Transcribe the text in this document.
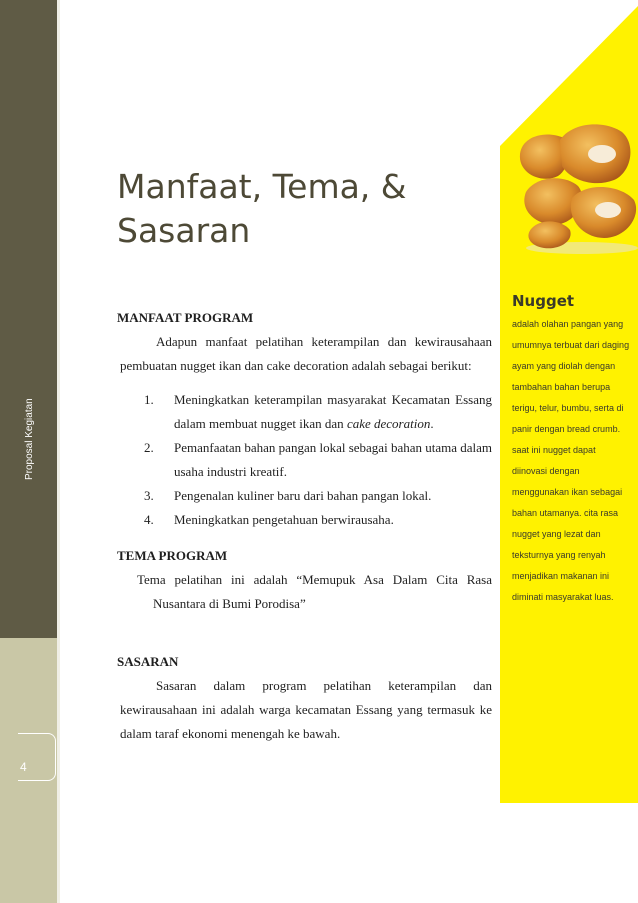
Proposal Kegiatan
4
Manfaat, Tema, &
Sasaran
MANFAAT PROGRAM
Adapun manfaat pelatihan keterampilan dan kewirausahaan pembuatan nugget ikan dan cake decoration adalah sebagai berikut:
1. Meningkatkan keterampilan masyarakat Kecamatan Essang dalam membuat nugget ikan dan cake decoration.
2. Pemanfaatan bahan pangan lokal sebagai bahan utama dalam usaha industri kreatif.
3. Pengenalan kuliner baru dari bahan pangan lokal.
4. Meningkatkan pengetahuan berwirausaha.
TEMA PROGRAM
Tema pelatihan ini adalah “Memupuk Asa Dalam Cita Rasa Nusantara di Bumi Porodisa”
SASARAN
Sasaran dalam program pelatihan keterampilan dan kewirausahaan ini adalah warga kecamatan Essang yang termasuk ke dalam taraf ekonomi menengah ke bawah.
Nugget
adalah olahan pangan yang umumnya terbuat dari daging ayam yang diolah dengan tambahan bahan berupa terigu, telur, bumbu, serta di panir dengan bread crumb. saat ini nugget dapat diinovasi dengan menggunakan ikan sebagai bahan utamanya. cita rasa nugget yang lezat dan teksturnya yang renyah menjadikan makanan ini diminati masyarakat luas.
